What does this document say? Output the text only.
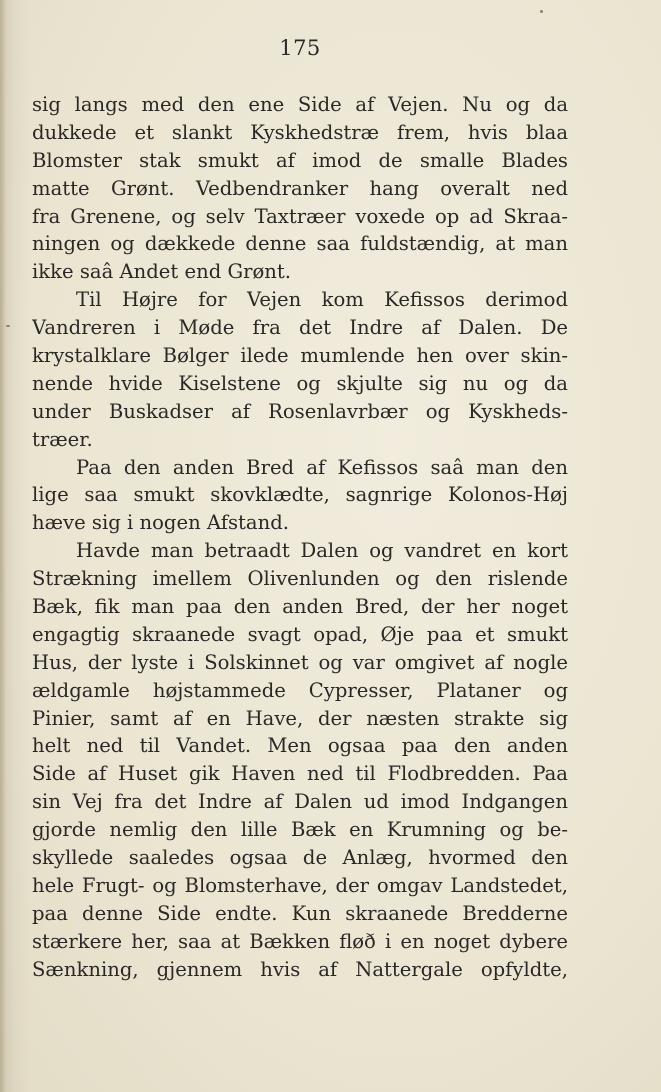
175
sig langs med den ene Side af Vejen. Nu og da
dukkede et slankt Kyskhedstræ frem, hvis blaa
Blomster stak smukt af imod de smalle Blades
matte Grønt. Vedbendranker hang overalt ned
fra Grenene, og selv Taxtræer voxede op ad Skraa-
ningen og dækkede denne saa fuldstændig, at man
ikke saâ Andet end Grønt.
Til Højre for Vejen kom Kefissos derimod
Vandreren i Møde fra det Indre af Dalen. De
krystalklare Bølger ilede mumlende hen over skin-
nende hvide Kiselstene og skjulte sig nu og da
under Buskadser af Rosenlavrbær og Kyskheds-
træer.
Paa den anden Bred af Kefissos saâ man den
lige saa smukt skovklædte, sagnrige Kolonos-Høj
hæve sig i nogen Afstand.
Havde man betraadt Dalen og vandret en kort
Strækning imellem Olivenlunden og den rislende
Bæk, fik man paa den anden Bred, der her noget
engagtig skraanede svagt opad, Øje paa et smukt
Hus, der lyste i Solskinnet og var omgivet af nogle
ældgamle højstammede Cypresser, Plataner og
Pinier, samt af en Have, der næsten strakte sig
helt ned til Vandet. Men ogsaa paa den anden
Side af Huset gik Haven ned til Flodbredden. Paa
sin Vej fra det Indre af Dalen ud imod Indgangen
gjorde nemlig den lille Bæk en Krumning og be-
skyllede saaledes ogsaa de Anlæg, hvormed den
hele Frugt- og Blomsterhave, der omgav Landstedet,
paa denne Side endte. Kun skraanede Bredderne
stærkere her, saa at Bækken fløð i en noget dybere
Sænkning, gjennem hvis af Nattergale opfyldte,
